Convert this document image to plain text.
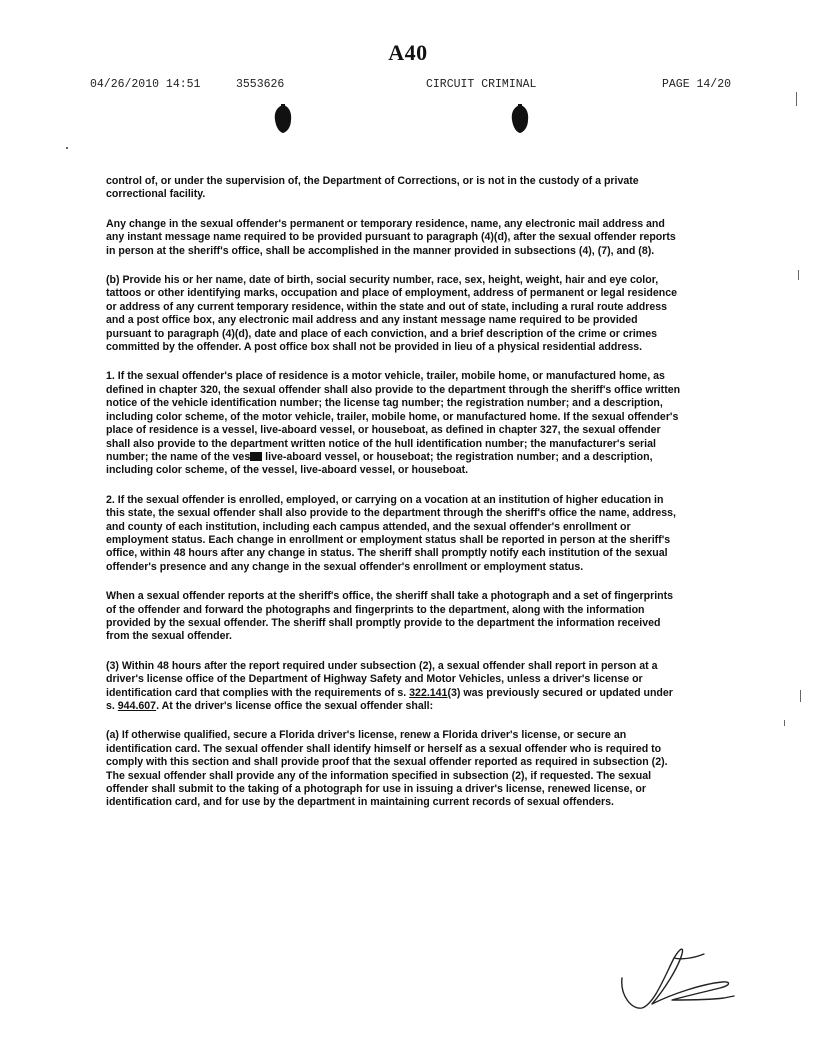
A40
04/26/2010 14:51	3553626	CIRCUIT CRIMINAL	PAGE 14/20

control of, or under the supervision of, the Department of Corrections, or is not in the custody of a private correctional facility.

Any change in the sexual offender's permanent or temporary residence, name, any electronic mail address and any instant message name required to be provided pursuant to paragraph (4)(d), after the sexual offender reports in person at the sheriff's office, shall be accomplished in the manner provided in subsections (4), (7), and (8).

(b) Provide his or her name, date of birth, social security number, race, sex, height, weight, hair and eye color, tattoos or other identifying marks, occupation and place of employment, address of permanent or legal residence or address of any current temporary residence, within the state and out of state, including a rural route address and a post office box, any electronic mail address and any instant message name required to be provided pursuant to paragraph (4)(d), date and place of each conviction, and a brief description of the crime or crimes committed by the offender. A post office box shall not be provided in lieu of a physical residential address.

1. If the sexual offender's place of residence is a motor vehicle, trailer, mobile home, or manufactured home, as defined in chapter 320, the sexual offender shall also provide to the department through the sheriff's office written notice of the vehicle identification number; the license tag number; the registration number; and a description, including color scheme, of the motor vehicle, trailer, mobile home, or manufactured home. If the sexual offender's place of residence is a vessel, live-aboard vessel, or houseboat, as defined in chapter 327, the sexual offender shall also provide to the department written notice of the hull identification number; the manufacturer's serial number; the name of the ves live-aboard vessel, or houseboat; the registration number; and a description, including color scheme, of the vessel, live-aboard vessel, or houseboat.

2. If the sexual offender is enrolled, employed, or carrying on a vocation at an institution of higher education in this state, the sexual offender shall also provide to the department through the sheriff's office the name, address, and county of each institution, including each campus attended, and the sexual offender's enrollment or employment status. Each change in enrollment or employment status shall be reported in person at the sheriff's office, within 48 hours after any change in status. The sheriff shall promptly notify each institution of the sexual offender's presence and any change in the sexual offender's enrollment or employment status.

When a sexual offender reports at the sheriff's office, the sheriff shall take a photograph and a set of fingerprints of the offender and forward the photographs and fingerprints to the department, along with the information provided by the sexual offender. The sheriff shall promptly provide to the department the information received from the sexual offender.

(3) Within 48 hours after the report required under subsection (2), a sexual offender shall report in person at a driver's license office of the Department of Highway Safety and Motor Vehicles, unless a driver's license or identification card that complies with the requirements of s. 322.141(3) was previously secured or updated under s. 944.607. At the driver's license office the sexual offender shall:

(a) If otherwise qualified, secure a Florida driver's license, renew a Florida driver's license, or secure an identification card. The sexual offender shall identify himself or herself as a sexual offender who is required to comply with this section and shall provide proof that the sexual offender reported as required in subsection (2). The sexual offender shall provide any of the information specified in subsection (2), if requested. The sexual offender shall submit to the taking of a photograph for use in issuing a driver's license, renewed license, or identification card, and for use by the department in maintaining current records of sexual offenders.
